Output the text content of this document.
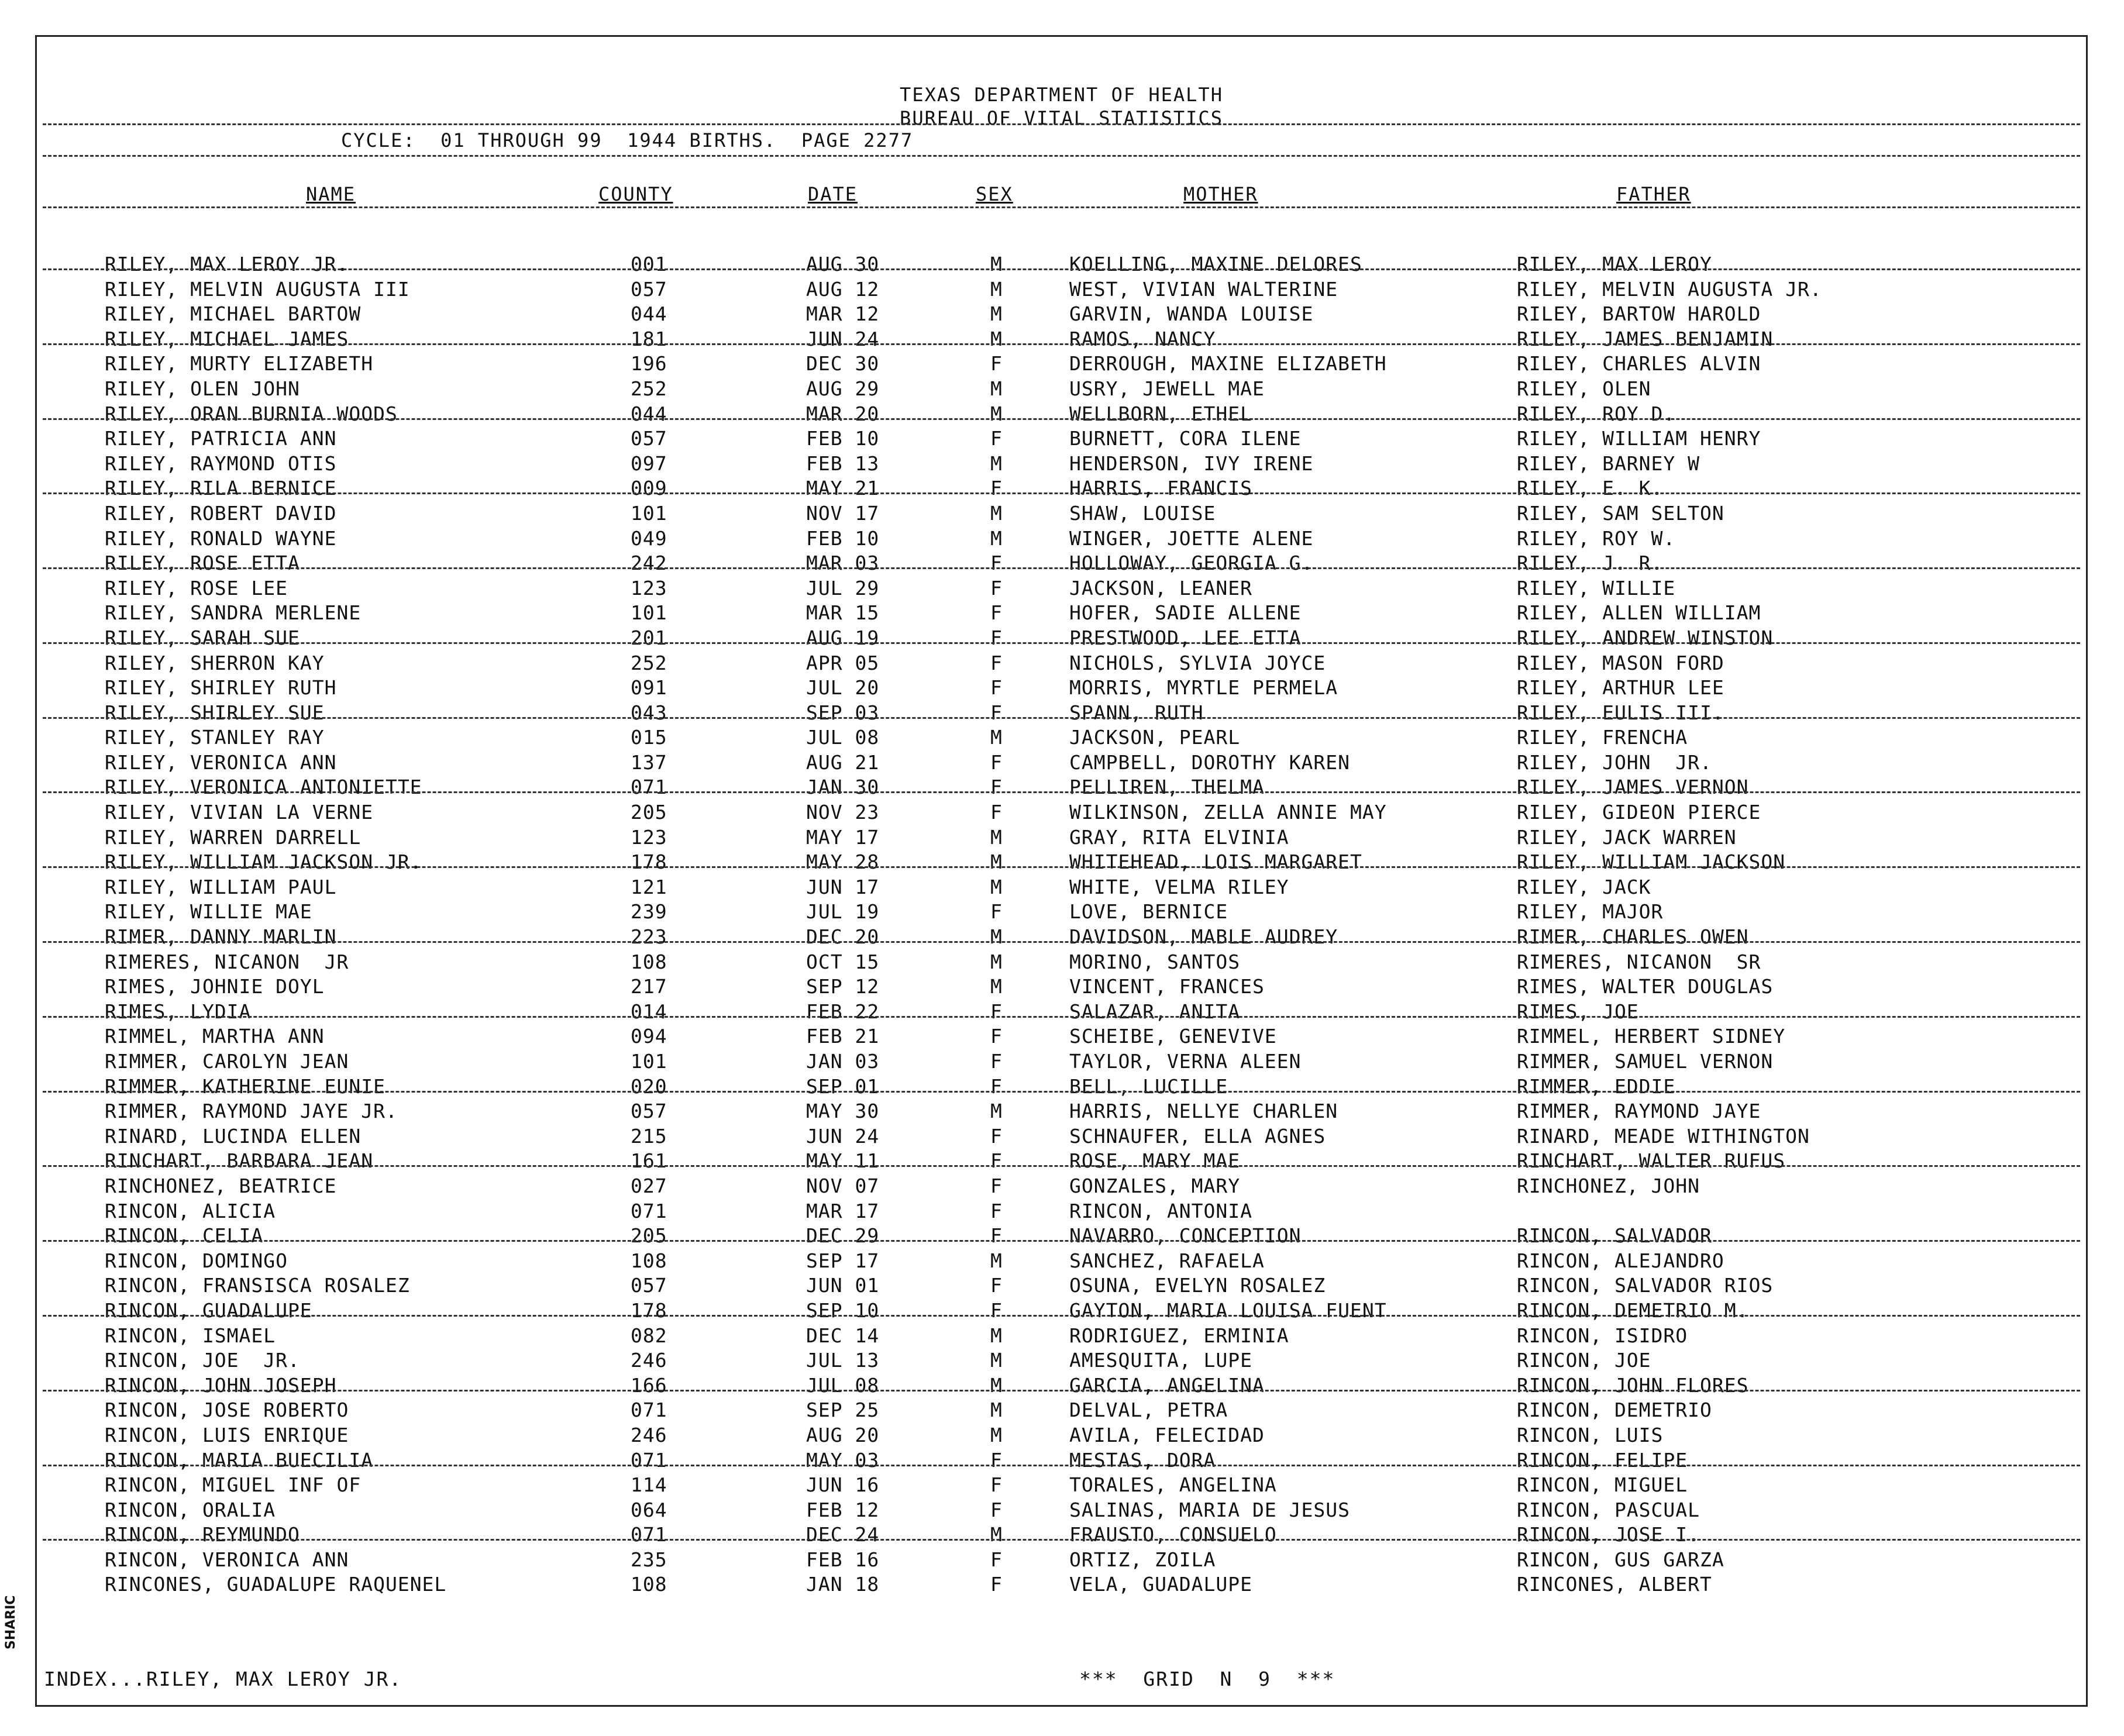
TEXAS DEPARTMENT OF HEALTH
BUREAU OF VITAL STATISTICS
CYCLE:  01 THROUGH 99  1944 BIRTHS.  PAGE 2277
NAME	COUNTY	DATE	SEX	MOTHER	FATHER
RILEY, MAX LEROY JR.	001	AUG 30	M	KOELLING, MAXINE DELORES	RILEY, MAX LEROY
RILEY, MELVIN AUGUSTA III	057	AUG 12	M	WEST, VIVIAN WALTERINE	RILEY, MELVIN AUGUSTA JR.
RILEY, MICHAEL BARTOW	044	MAR 12	M	GARVIN, WANDA LOUISE	RILEY, BARTOW HAROLD
RILEY, MICHAEL JAMES	181	JUN 24	M	RAMOS, NANCY	RILEY, JAMES BENJAMIN
RILEY, MURTY ELIZABETH	196	DEC 30	F	DERROUGH, MAXINE ELIZABETH	RILEY, CHARLES ALVIN
RILEY, OLEN JOHN	252	AUG 29	M	USRY, JEWELL MAE	RILEY, OLEN
RILEY, ORAN BURNIA WOODS	044	MAR 20	M	WELLBORN, ETHEL	RILEY, ROY D.
RILEY, PATRICIA ANN	057	FEB 10	F	BURNETT, CORA ILENE	RILEY, WILLIAM HENRY
RILEY, RAYMOND OTIS	097	FEB 13	M	HENDERSON, IVY IRENE	RILEY, BARNEY W
RILEY, RILA BERNICE	009	MAY 21	F	HARRIS, FRANCIS	RILEY, E. K.
RILEY, ROBERT DAVID	101	NOV 17	M	SHAW, LOUISE	RILEY, SAM SELTON
RILEY, RONALD WAYNE	049	FEB 10	M	WINGER, JOETTE ALENE	RILEY, ROY W.
RILEY, ROSE ETTA	242	MAR 03	F	HOLLOWAY, GEORGIA G.	RILEY, J. R.
RILEY, ROSE LEE	123	JUL 29	F	JACKSON, LEANER	RILEY, WILLIE
RILEY, SANDRA MERLENE	101	MAR 15	F	HOFER, SADIE ALLENE	RILEY, ALLEN WILLIAM
RILEY, SARAH SUE	201	AUG 19	F	PRESTWOOD, LEE ETTA	RILEY, ANDREW WINSTON
RILEY, SHERRON KAY	252	APR 05	F	NICHOLS, SYLVIA JOYCE	RILEY, MASON FORD
RILEY, SHIRLEY RUTH	091	JUL 20	F	MORRIS, MYRTLE PERMELA	RILEY, ARTHUR LEE
RILEY, SHIRLEY SUE	043	SEP 03	F	SPANN, RUTH	RILEY, EULIS III.
RILEY, STANLEY RAY	015	JUL 08	M	JACKSON, PEARL	RILEY, FRENCHA
RILEY, VERONICA ANN	137	AUG 21	F	CAMPBELL, DOROTHY KAREN	RILEY, JOHN  JR.
RILEY, VERONICA ANTONIETTE	071	JAN 30	F	PELLIREN, THELMA	RILEY, JAMES VERNON
RILEY, VIVIAN LA VERNE	205	NOV 23	F	WILKINSON, ZELLA ANNIE MAY	RILEY, GIDEON PIERCE
RILEY, WARREN DARRELL	123	MAY 17	M	GRAY, RITA ELVINIA	RILEY, JACK WARREN
RILEY, WILLIAM JACKSON JR.	178	MAY 28	M	WHITEHEAD, LOIS MARGARET	RILEY, WILLIAM JACKSON
RILEY, WILLIAM PAUL	121	JUN 17	M	WHITE, VELMA RILEY	RILEY, JACK
RILEY, WILLIE MAE	239	JUL 19	F	LOVE, BERNICE	RILEY, MAJOR
RIMER, DANNY MARLIN	223	DEC 20	M	DAVIDSON, MABLE AUDREY	RIMER, CHARLES OWEN
RIMERES, NICANON  JR	108	OCT 15	M	MORINO, SANTOS	RIMERES, NICANON  SR
RIMES, JOHNIE DOYL	217	SEP 12	M	VINCENT, FRANCES	RIMES, WALTER DOUGLAS
RIMES, LYDIA	014	FEB 22	F	SALAZAR, ANITA	RIMES, JOE
RIMMEL, MARTHA ANN	094	FEB 21	F	SCHEIBE, GENEVIVE	RIMMEL, HERBERT SIDNEY
RIMMER, CAROLYN JEAN	101	JAN 03	F	TAYLOR, VERNA ALEEN	RIMMER, SAMUEL VERNON
RIMMER, KATHERINE EUNIE	020	SEP 01	F	BELL, LUCILLE	RIMMER, EDDIE
RIMMER, RAYMOND JAYE JR.	057	MAY 30	M	HARRIS, NELLYE CHARLEN	RIMMER, RAYMOND JAYE
RINARD, LUCINDA ELLEN	215	JUN 24	F	SCHNAUFER, ELLA AGNES	RINARD, MEADE WITHINGTON
RINCHART, BARBARA JEAN	161	MAY 11	F	ROSE, MARY MAE	RINCHART, WALTER RUFUS
RINCHONEZ, BEATRICE	027	NOV 07	F	GONZALES, MARY	RINCHONEZ, JOHN
RINCON, ALICIA	071	MAR 17	F	RINCON, ANTONIA
RINCON, CELIA	205	DEC 29	F	NAVARRO, CONCEPTION	RINCON, SALVADOR
RINCON, DOMINGO	108	SEP 17	M	SANCHEZ, RAFAELA	RINCON, ALEJANDRO
RINCON, FRANSISCA ROSALEZ	057	JUN 01	F	OSUNA, EVELYN ROSALEZ	RINCON, SALVADOR RIOS
RINCON, GUADALUPE	178	SEP 10	F	GAYTON, MARIA LOUISA FUENT	RINCON, DEMETRIO M.
RINCON, ISMAEL	082	DEC 14	M	RODRIGUEZ, ERMINIA	RINCON, ISIDRO
RINCON, JOE  JR.	246	JUL 13	M	AMESQUITA, LUPE	RINCON, JOE
RINCON, JOHN JOSEPH	166	JUL 08	M	GARCIA, ANGELINA	RINCON, JOHN FLORES
RINCON, JOSE ROBERTO	071	SEP 25	M	DELVAL, PETRA	RINCON, DEMETRIO
RINCON, LUIS ENRIQUE	246	AUG 20	M	AVILA, FELECIDAD	RINCON, LUIS
RINCON, MARIA BUECILIA	071	MAY 03	F	MESTAS, DORA	RINCON, FELIPE
RINCON, MIGUEL INF OF	114	JUN 16	F	TORALES, ANGELINA	RINCON, MIGUEL
RINCON, ORALIA	064	FEB 12	F	SALINAS, MARIA DE JESUS	RINCON, PASCUAL
RINCON, REYMUNDO	071	DEC 24	M	FRAUSTO, CONSUELO	RINCON, JOSE I.
RINCON, VERONICA ANN	235	FEB 16	F	ORTIZ, ZOILA	RINCON, GUS GARZA
RINCONES, GUADALUPE RAQUENEL	108	JAN 18	F	VELA, GUADALUPE	RINCONES, ALBERT
INDEX...RILEY, MAX LEROY JR.	***  GRID  N  9  ***
SHARIC
